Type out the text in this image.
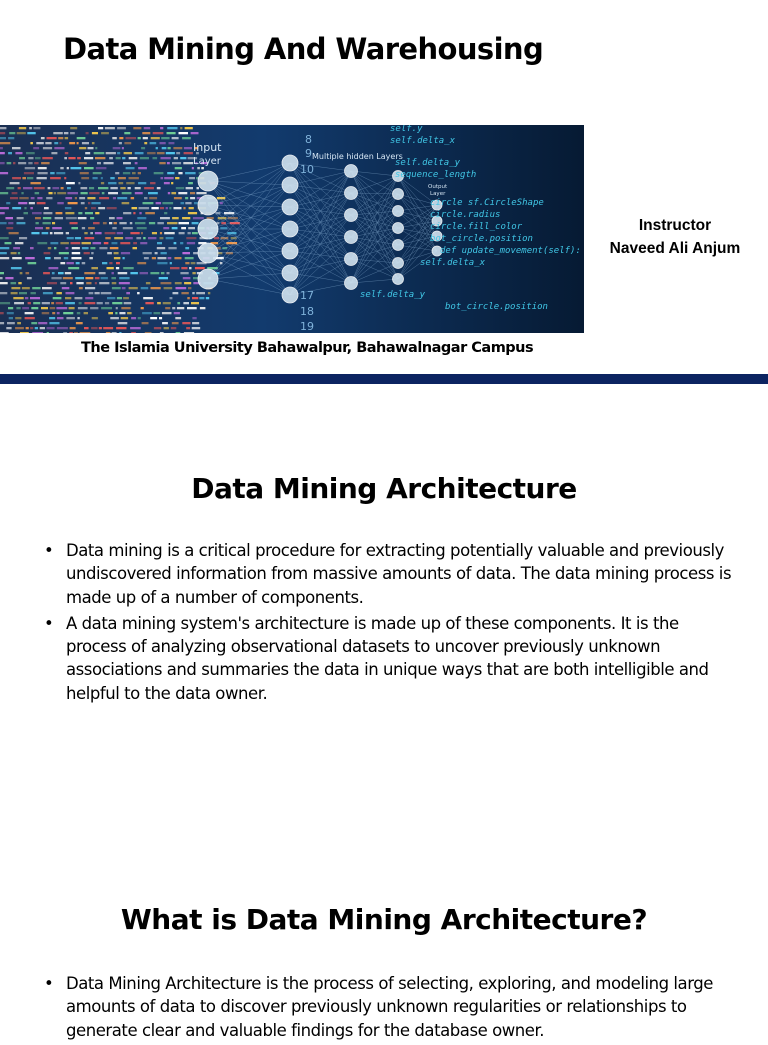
Data Mining And Warehousing
self.y
self.delta_x
self.delta_y
sequence_length
circle sf.CircleShape
circle.radius
circle.fill_color
bot_circle.position
def update_movement(self):
self.delta_x
self.delta_y
bot_circle.position
8
9
10
17
18
19
Input
Layer	Multiple hidden Layers
Output
Layer
Instructor
Naveed Ali Anjum

The Islamia University Bahawalpur, Bahawalnagar Campus

Data Mining Architecture
• Data mining is a critical procedure for extracting potentially valuable and previously undiscovered information from massive amounts of data. The data mining process is made up of a number of components.
• A data mining system's architecture is made up of these components. It is the process of analyzing observational datasets to uncover previously unknown associations and summaries the data in unique ways that are both intelligible and helpful to the data owner.
What is Data Mining Architecture?
• Data Mining Architecture is the process of selecting, exploring, and modeling large amounts of data to discover previously unknown regularities or relationships to generate clear and valuable findings for the database owner.
